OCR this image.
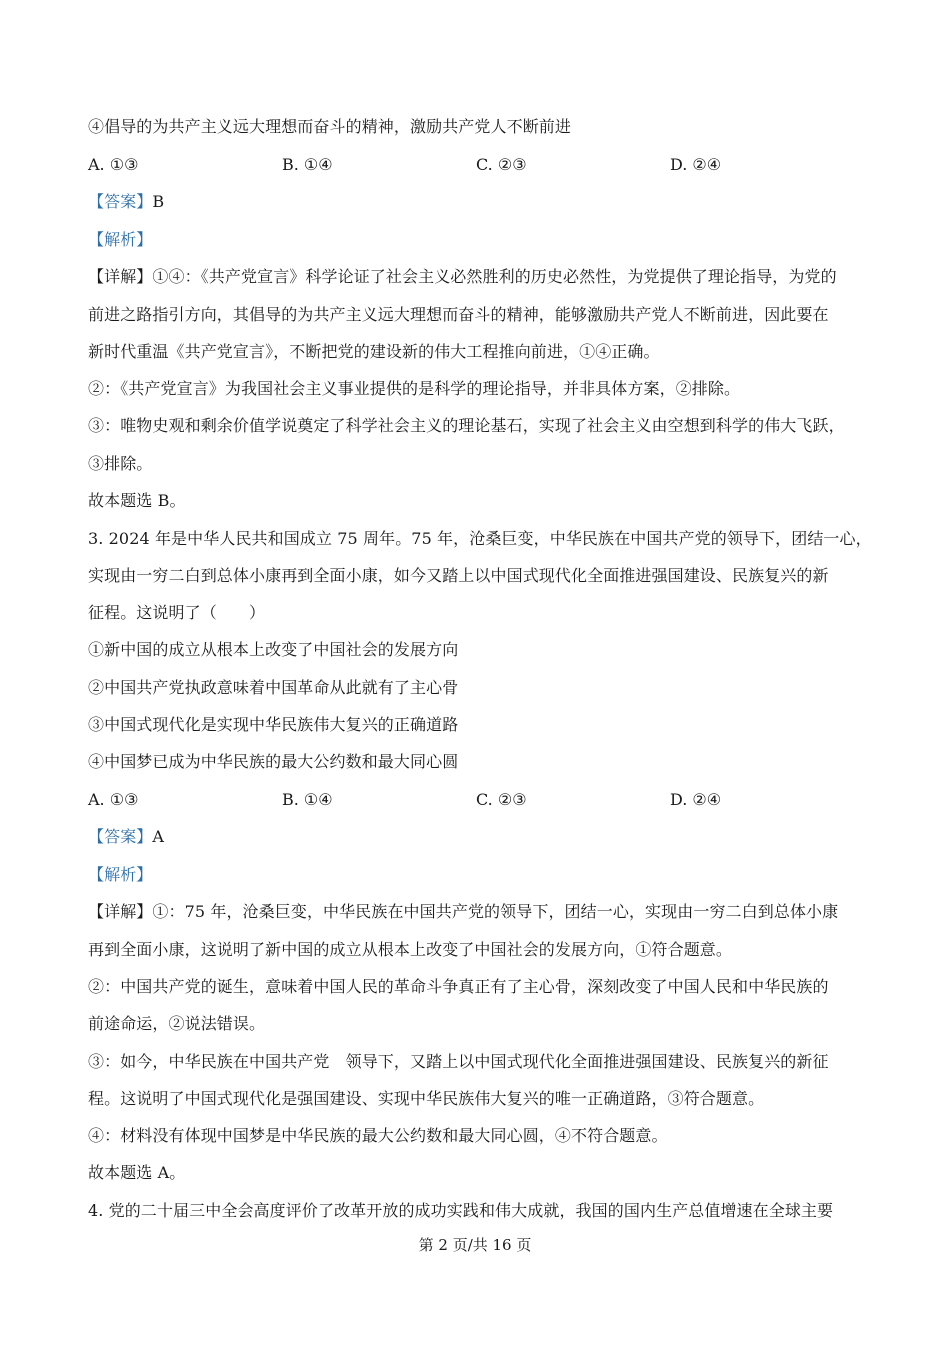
④倡导的为共产主义远大理想而奋斗的精神，激励共产党人不断前进
A. ①③	B. ①④	C. ②③	D. ②④
【答案】B
【解析】
【详解】①④：《共产党宣言》科学论证了社会主义必然胜利的历史必然性，为党提供了理论指导，为党的
前进之路指引方向，其倡导的为共产主义远大理想而奋斗的精神，能够激励共产党人不断前进，因此要在
新时代重温《共产党宣言》，不断把党的建设新的伟大工程推向前进，①④正确。
②：《共产党宣言》为我国社会主义事业提供的是科学的理论指导，并非具体方案，②排除。
③：唯物史观和剩余价值学说奠定了科学社会主义的理论基石，实现了社会主义由空想到科学的伟大飞跃，
③排除。
故本题选 B。
3. 2024 年是中华人民共和国成立 75 周年。75 年，沧桑巨变，中华民族在中国共产党的领导下，团结一心，
实现由一穷二白到总体小康再到全面小康，如今又踏上以中国式现代化全面推进强国建设、民族复兴的新
征程。这说明了（　　）
①新中国的成立从根本上改变了中国社会的发展方向
②中国共产党执政意味着中国革命从此就有了主心骨
③中国式现代化是实现中华民族伟大复兴的正确道路
④中国梦已成为中华民族的最大公约数和最大同心圆
A. ①③	B. ①④	C. ②③	D. ②④
【答案】A
【解析】
【详解】①：75 年，沧桑巨变，中华民族在中国共产党的领导下，团结一心，实现由一穷二白到总体小康
再到全面小康，这说明了新中国的成立从根本上改变了中国社会的发展方向，①符合题意。
②：中国共产党的诞生，意味着中国人民的革命斗争真正有了主心骨，深刻改变了中国人民和中华民族的
前途命运，②说法错误。
③：如今，中华民族在中国共产党　领导下，又踏上以中国式现代化全面推进强国建设、民族复兴的新征
程。这说明了中国式现代化是强国建设、实现中华民族伟大复兴的唯一正确道路，③符合题意。
④：材料没有体现中国梦是中华民族的最大公约数和最大同心圆，④不符合题意。
故本题选 A。
4. 党的二十届三中全会高度评价了改革开放的成功实践和伟大成就，我国的国内生产总值增速在全球主要
第 2 页/共 16 页
